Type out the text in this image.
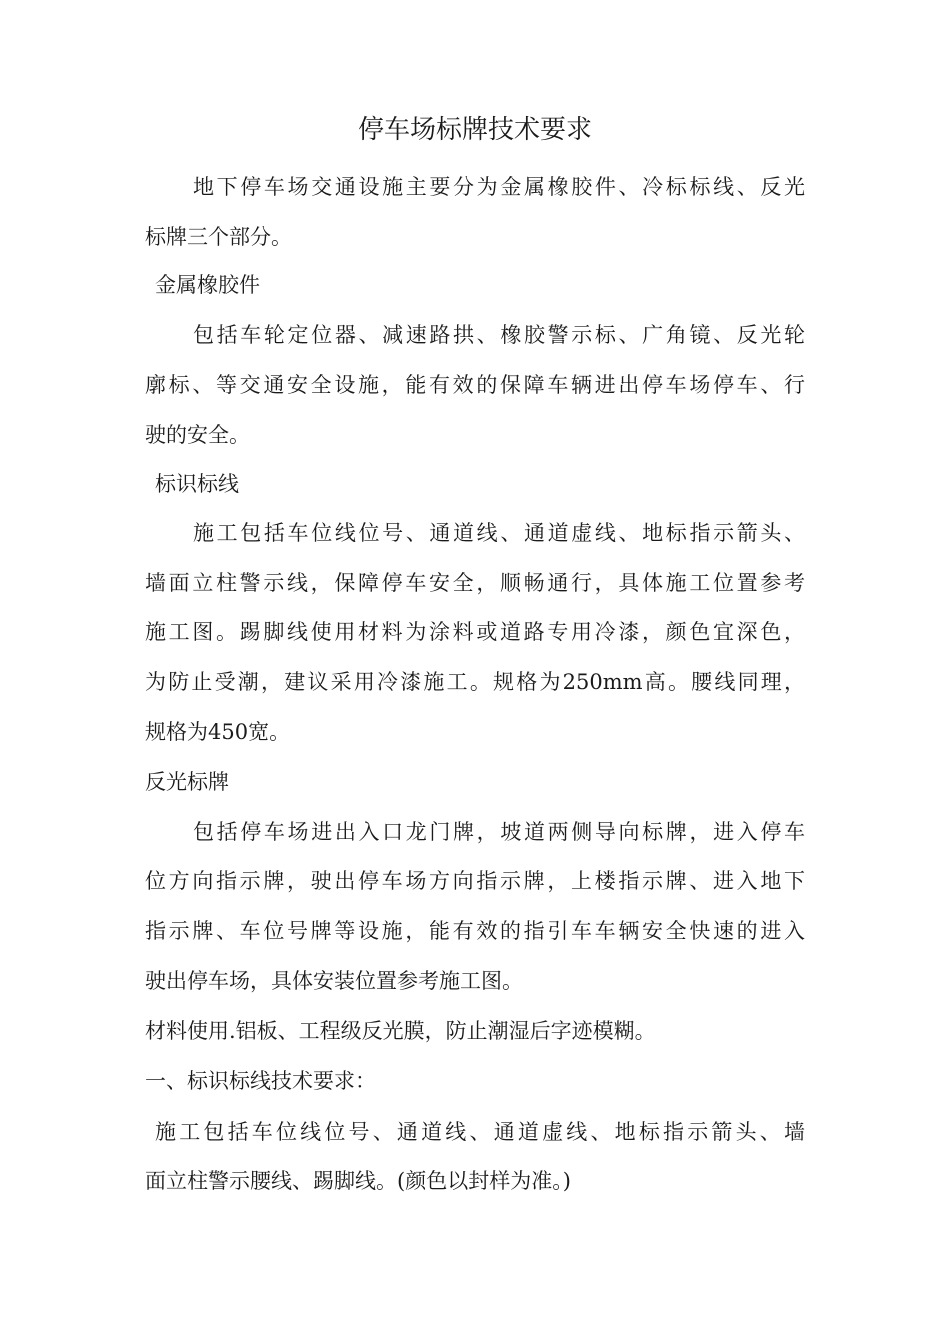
停车场标牌技术要求
地下停车场交通设施主要分为金属橡胶件、冷标标线、反光
标牌三个部分。
金属橡胶件
包括车轮定位器、减速路拱、橡胶警示标、广角镜、反光轮
廓标、等交通安全设施，能有效的保障车辆进出停车场停车、行
驶的安全。
标识标线
施工包括车位线位号、通道线、通道虚线、地标指示箭头、
墙面立柱警示线，保障停车安全，顺畅通行，具体施工位置参考
施工图。踢脚线使用材料为涂料或道路专用冷漆，颜色宜深色，
为防止受潮，建议采用冷漆施工。规格为250mm高。腰线同理，
规格为450宽。
反光标牌
包括停车场进出入口龙门牌，坡道两侧导向标牌，进入停车
位方向指示牌，驶出停车场方向指示牌，上楼指示牌、进入地下
指示牌、车位号牌等设施，能有效的指引车车辆安全快速的进入
驶出停车场，具体安装位置参考施工图。
材料使用.铝板、工程级反光膜，防止潮湿后字迹模糊。
一、标识标线技术要求：
施工包括车位线位号、通道线、通道虚线、地标指示箭头、墙
面立柱警示腰线、踢脚线。(颜色以封样为准。)
